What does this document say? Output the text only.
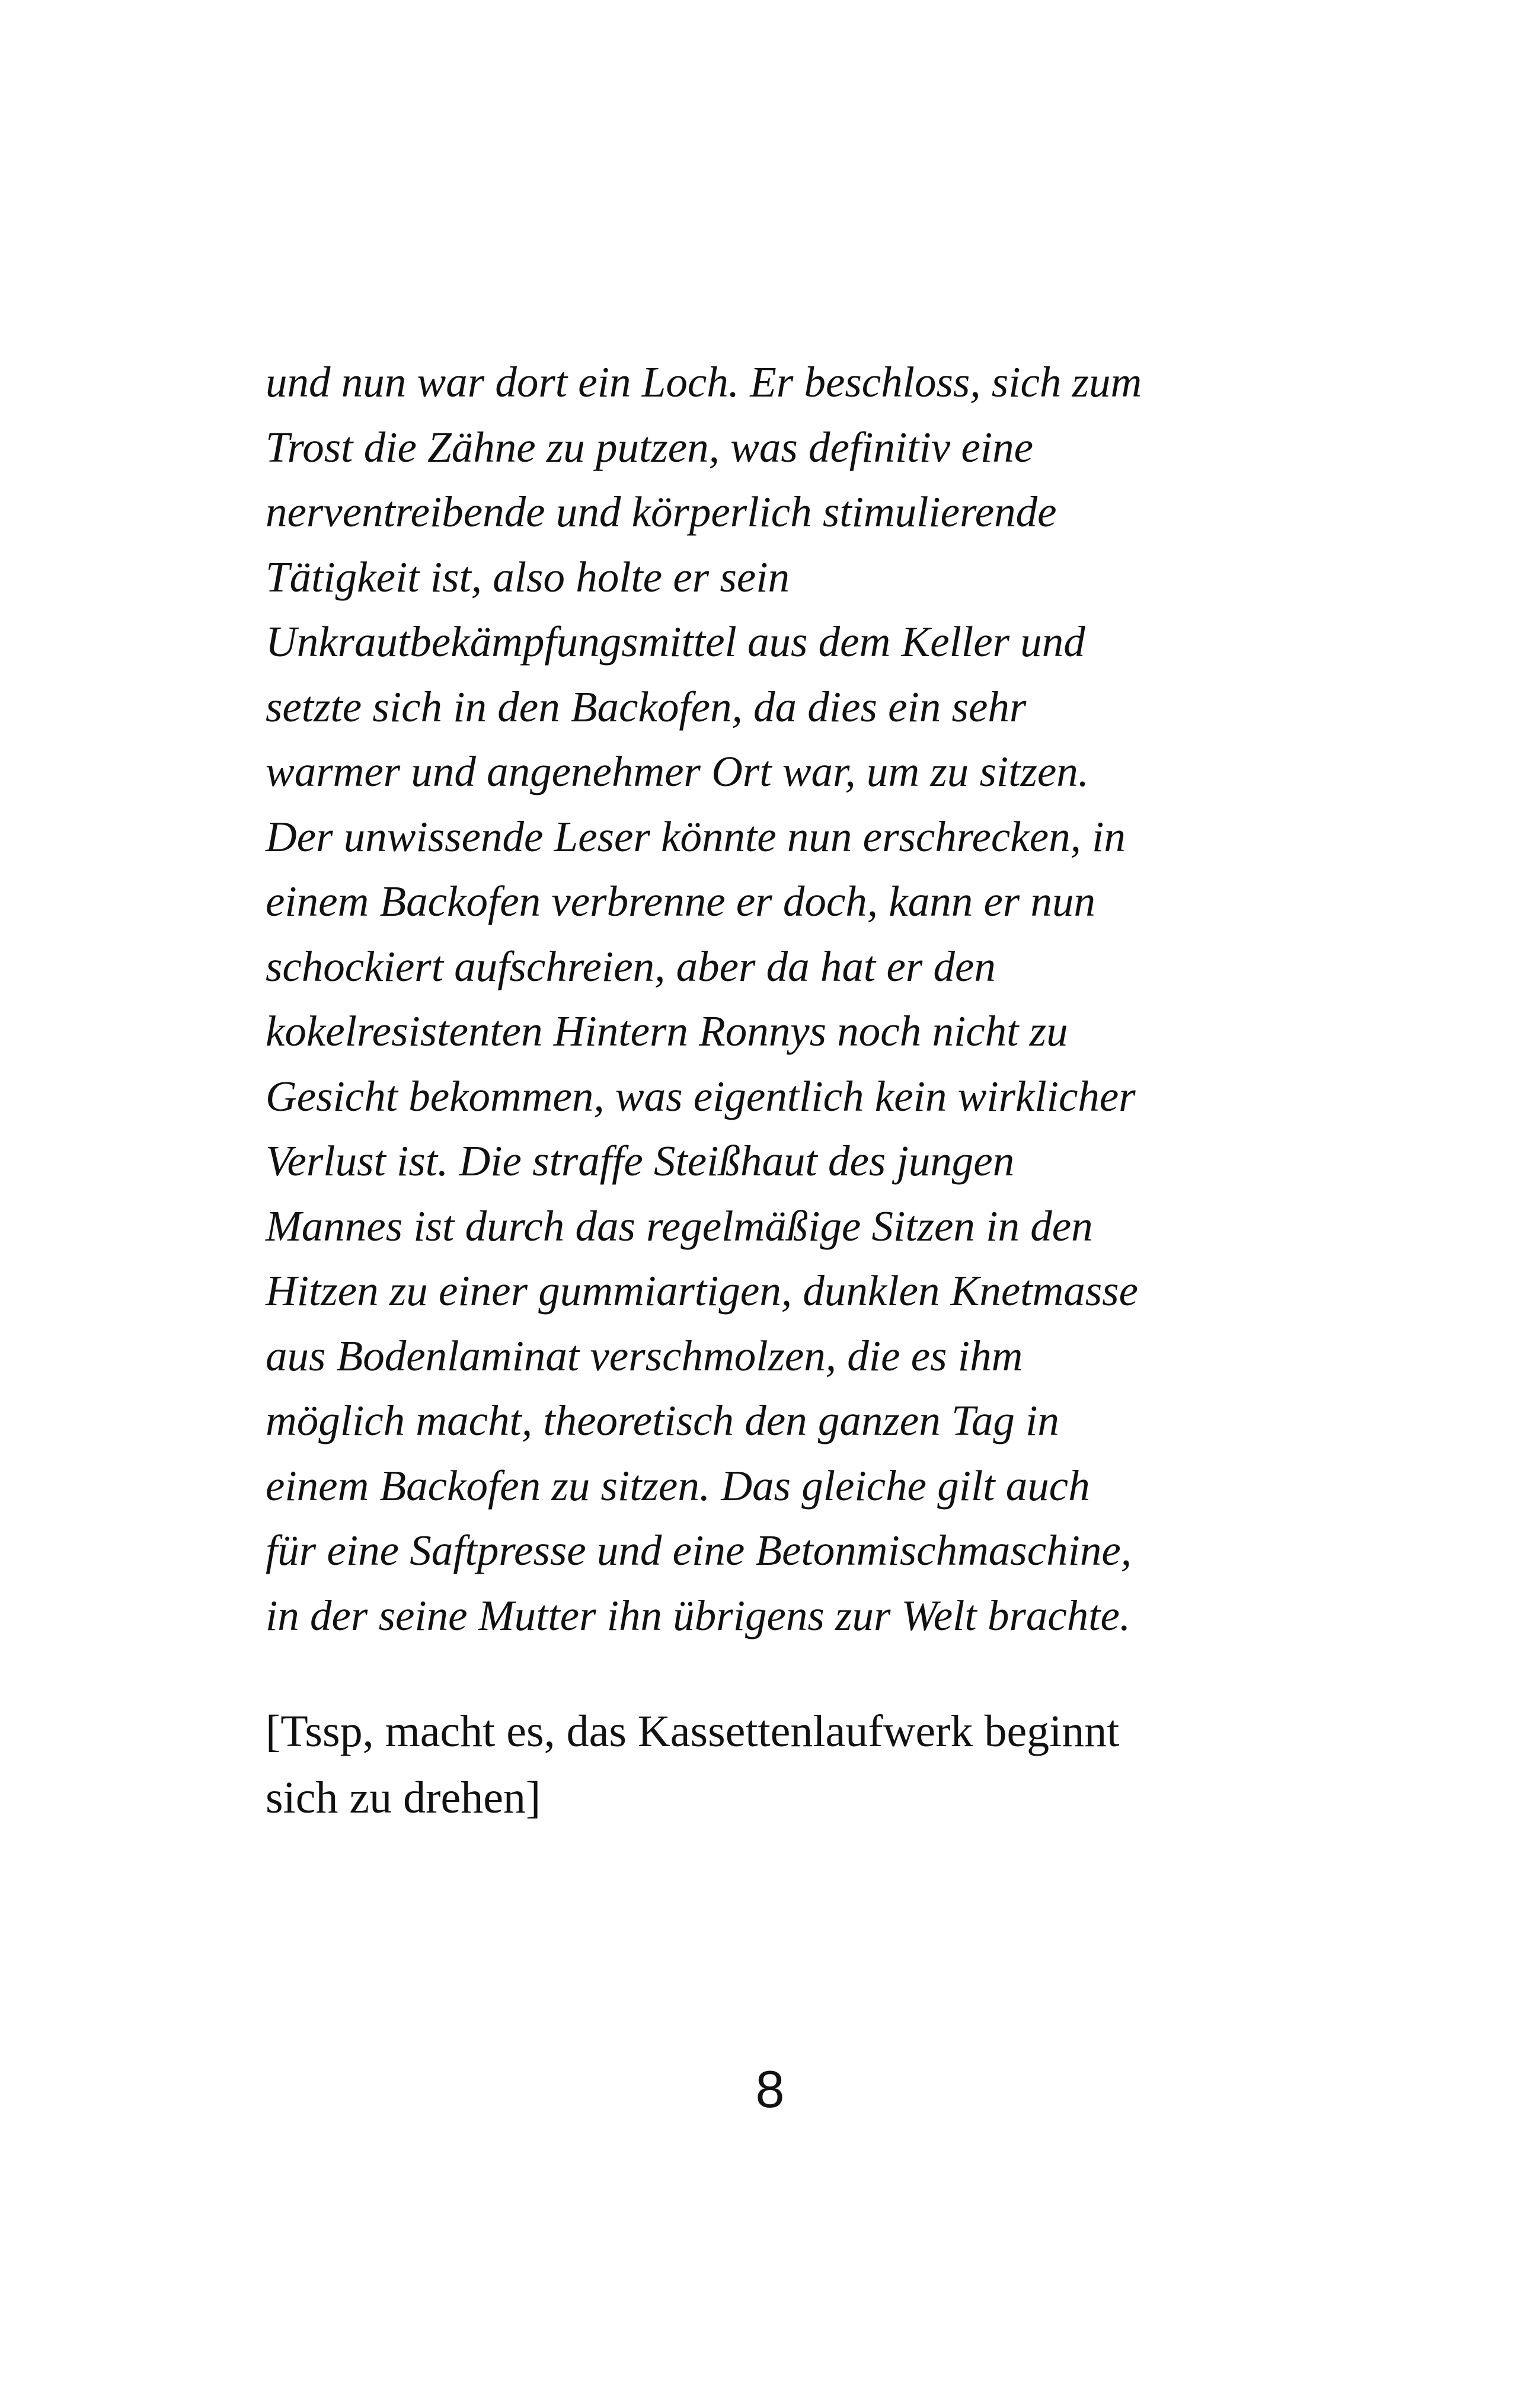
und nun war dort ein Loch. Er beschloss, sich zum
Trost die Zähne zu putzen, was definitiv eine
nerventreibende und körperlich stimulierende
Tätigkeit ist, also holte er sein
Unkrautbekämpfungsmittel aus dem Keller und
setzte sich in den Backofen, da dies ein sehr
warmer und angenehmer Ort war, um zu sitzen.
Der unwissende Leser könnte nun erschrecken, in
einem Backofen verbrenne er doch, kann er nun
schockiert aufschreien, aber da hat er den
kokelresistenten Hintern Ronnys noch nicht zu
Gesicht bekommen, was eigentlich kein wirklicher
Verlust ist. Die straffe Steißhaut des jungen
Mannes ist durch das regelmäßige Sitzen in den
Hitzen zu einer gummiartigen, dunklen Knetmasse
aus Bodenlaminat verschmolzen, die es ihm
möglich macht, theoretisch den ganzen Tag in
einem Backofen zu sitzen. Das gleiche gilt auch
für eine Saftpresse und eine Betonmischmaschine,
in der seine Mutter ihn übrigens zur Welt brachte.
[Tssp, macht es, das Kassettenlaufwerk beginnt
sich zu drehen]
8
